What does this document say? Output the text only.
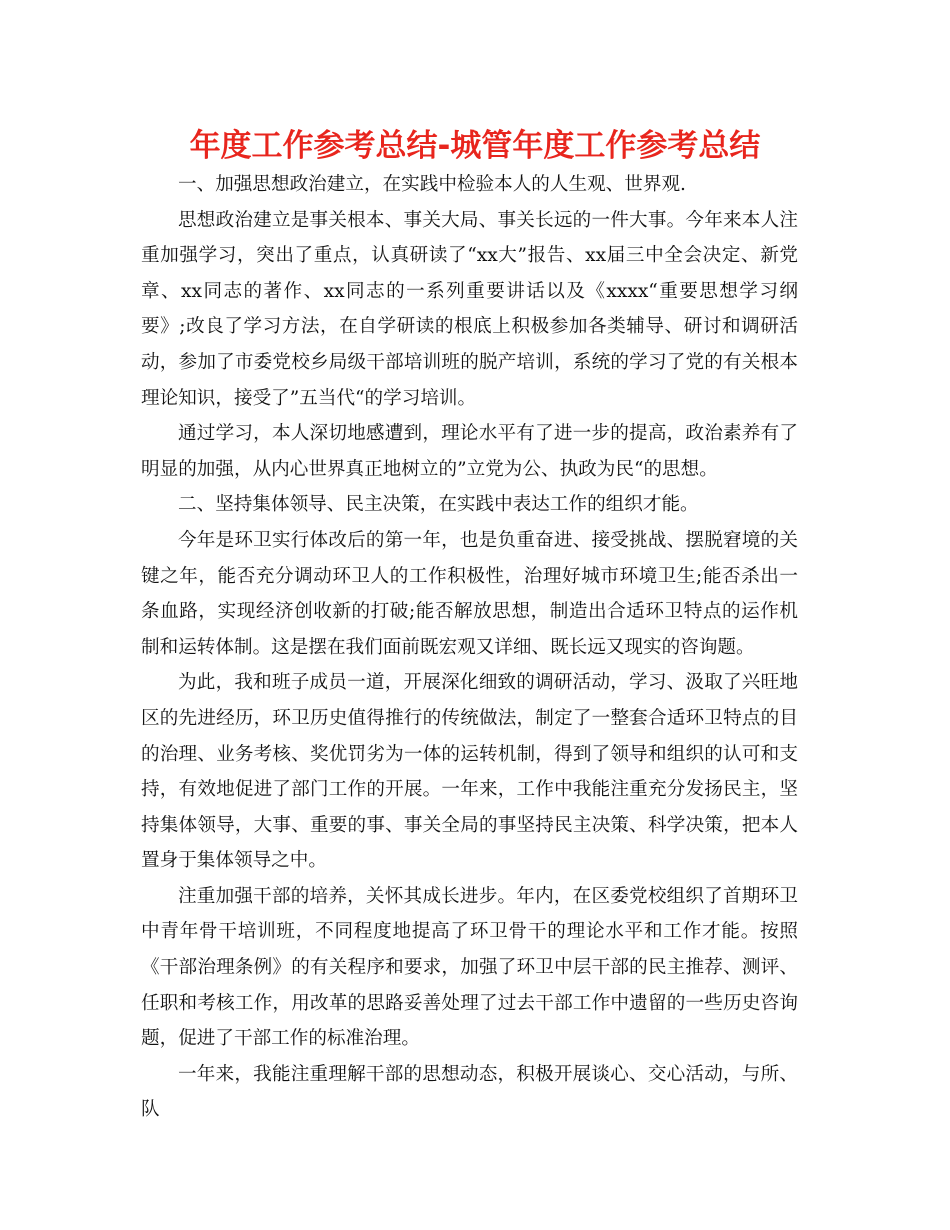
年度工作参考总结-城管年度工作参考总结

一、加强思想政治建立，在实践中检验本人的人生观、世界观.

思想政治建立是事关根本、事关大局、事关长远的一件大事。今年来本人注重加强学习，突出了重点，认真研读了“xx大”报告、xx届三中全会决定、新党章、xx同志的著作、xx同志的一系列重要讲话以及《xxxx“重要思想学习纲要》;改良了学习方法，在自学研读的根底上积极参加各类辅导、研讨和调研活动，参加了市委党校乡局级干部培训班的脱产培训，系统的学习了党的有关根本理论知识，接受了”五当代“的学习培训。

通过学习，本人深切地感遭到，理论水平有了进一步的提高，政治素养有了明显的加强，从内心世界真正地树立的”立党为公、执政为民“的思想。

二、坚持集体领导、民主决策，在实践中表达工作的组织才能。

今年是环卫实行体改后的第一年，也是负重奋进、接受挑战、摆脱窘境的关键之年，能否充分调动环卫人的工作积极性，治理好城市环境卫生;能否杀出一条血路，实现经济创收新的打破;能否解放思想，制造出合适环卫特点的运作机制和运转体制。这是摆在我们面前既宏观又详细、既长远又现实的咨询题。

为此，我和班子成员一道，开展深化细致的调研活动，学习、汲取了兴旺地区的先进经历，环卫历史值得推行的传统做法，制定了一整套合适环卫特点的目的治理、业务考核、奖优罚劣为一体的运转机制，得到了领导和组织的认可和支持，有效地促进了部门工作的开展。一年来，工作中我能注重充分发扬民主，坚持集体领导，大事、重要的事、事关全局的事坚持民主决策、科学决策，把本人置身于集体领导之中。

注重加强干部的培养，关怀其成长进步。年内，在区委党校组织了首期环卫中青年骨干培训班，不同程度地提高了环卫骨干的理论水平和工作才能。按照《干部治理条例》的有关程序和要求，加强了环卫中层干部的民主推荐、测评、任职和考核工作，用改革的思路妥善处理了过去干部工作中遗留的一些历史咨询题，促进了干部工作的标准治理。

一年来，我能注重理解干部的思想动态，积极开展谈心、交心活动，与所、队
